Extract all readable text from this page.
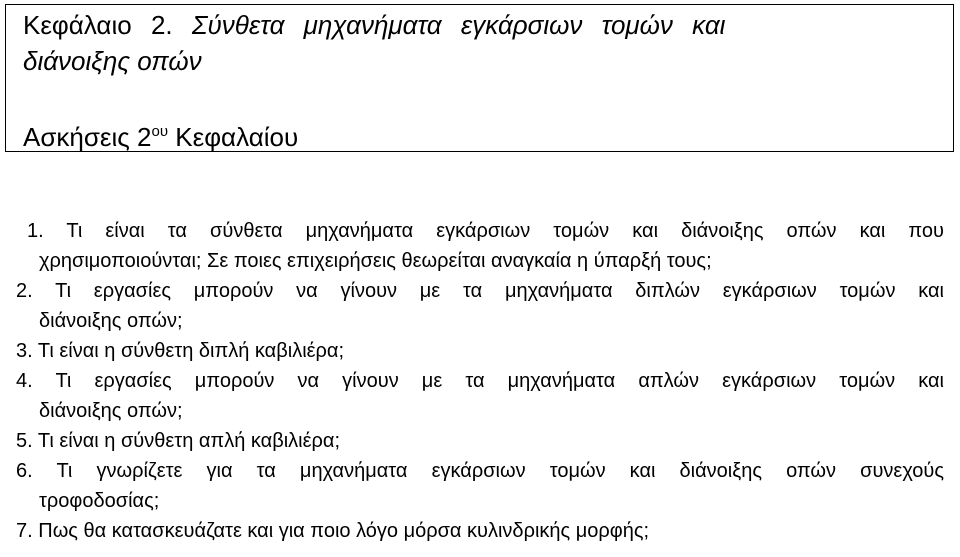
Κεφάλαιο 2. Σύνθετα μηχανήματα εγκάρσιων τομών και
διάνοιξης οπών
Ασκήσεις $2^{o\upsilon}$ Κεφαλαίου
1. Τι είναι τα σύνθετα μηχανήματα εγκάρσιων τομών και διάνοιξης οπών και που
χρησιμοποιούνται; Σε ποιες επιχειρήσεις θεωρείται αναγκαία η ύπαρξή τους;
2. Τι εργασίες μπορούν να γίνουν με τα μηχανήματα διπλών εγκάρσιων τομών και
διάνοιξης οπών;
3. Τι είναι η σύνθετη διπλή καβιλιέρα;
4. Τι εργασίες μπορούν να γίνουν με τα μηχανήματα απλών εγκάρσιων τομών και
διάνοιξης οπών;
5. Τι είναι η σύνθετη απλή καβιλιέρα;
6. Τι γνωρίζετε για τα μηχανήματα εγκάρσιων τομών και διάνοιξης οπών συνεχούς
τροφοδοσίας;
7. Πως θα κατασκευάζατε και για ποιο λόγο μόρσα κυλινδρικής μορφής;
